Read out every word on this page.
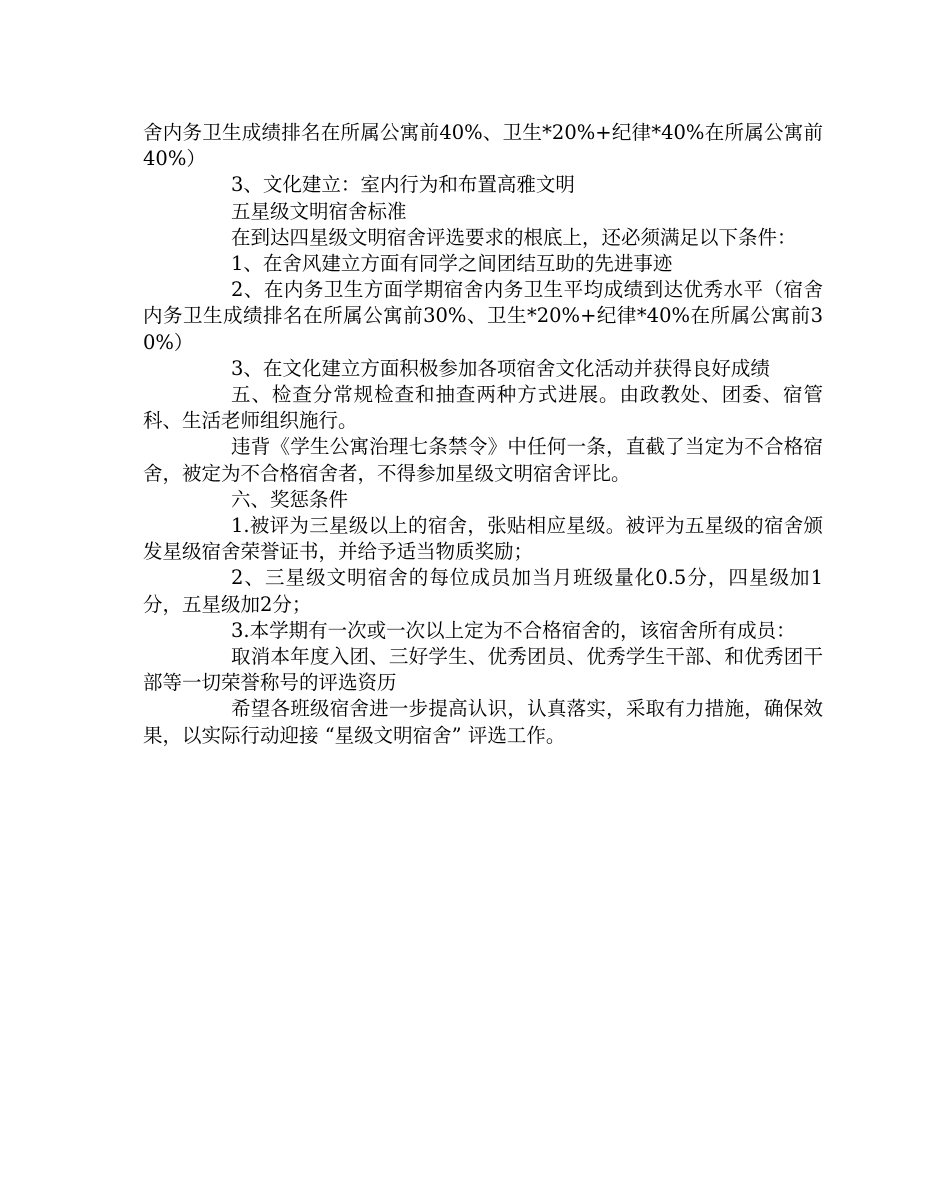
舍内务卫生成绩排名在所属公寓前40%、卫生*20%+纪律*40%在所属公寓前40%）

3、文化建立：室内行为和布置高雅文明

五星级文明宿舍标准

在到达四星级文明宿舍评选要求的根底上，还必须满足以下条件：

1、在舍风建立方面有同学之间团结互助的先进事迹

2、在内务卫生方面学期宿舍内务卫生平均成绩到达优秀水平（宿舍内务卫生成绩排名在所属公寓前30%、卫生*20%+纪律*40%在所属公寓前30%）

3、在文化建立方面积极参加各项宿舍文化活动并获得良好成绩

五、检查分常规检查和抽查两种方式进展。由政教处、团委、宿管科、生活老师组织施行。

违背《学生公寓治理七条禁令》中任何一条，直截了当定为不合格宿舍，被定为不合格宿舍者，不得参加星级文明宿舍评比。

六、奖惩条件

1.被评为三星级以上的宿舍，张贴相应星级。被评为五星级的宿舍颁发星级宿舍荣誉证书，并给予适当物质奖励；

2、三星级文明宿舍的每位成员加当月班级量化0.5分，四星级加1分，五星级加2分；

3.本学期有一次或一次以上定为不合格宿舍的，该宿舍所有成员：

取消本年度入团、三好学生、优秀团员、优秀学生干部、和优秀团干部等一切荣誉称号的评选资历

希望各班级宿舍进一步提高认识，认真落实，采取有力措施，确保效果，以实际行动迎接 “星级文明宿舍” 评选工作。
